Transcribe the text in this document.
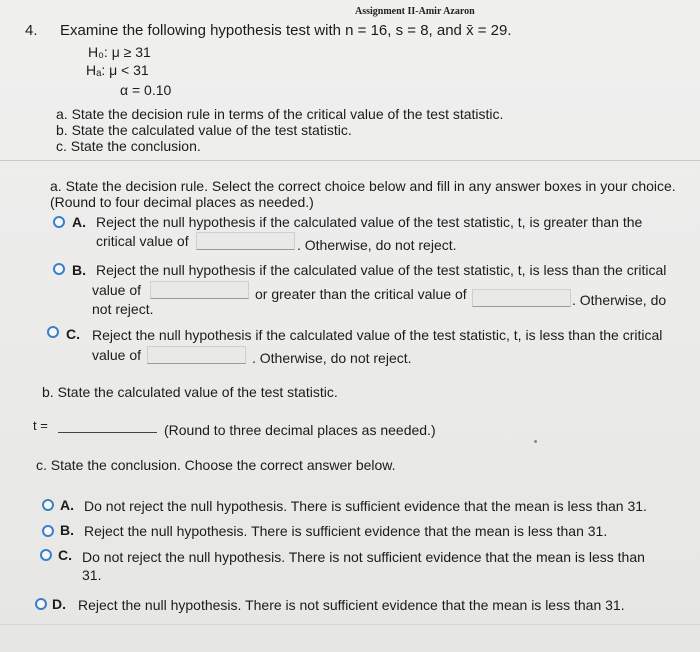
Assignment II-Amir Azaron
4. Examine the following hypothesis test with n = 16, s = 8, and x̄ = 29.
H₀: μ ≥ 31
Hₐ: μ < 31
α = 0.10
a. State the decision rule in terms of the critical value of the test statistic.
b. State the calculated value of the test statistic.
c. State the conclusion.
a. State the decision rule. Select the correct choice below and fill in any answer boxes in your choice.
(Round to four decimal places as needed.)
A. Reject the null hypothesis if the calculated value of the test statistic, t, is greater than the
critical value of	. Otherwise, do not reject.
B. Reject the null hypothesis if the calculated value of the test statistic, t, is less than the critical
value of	or greater than the critical value of	. Otherwise, do
not reject.
C. Reject the null hypothesis if the calculated value of the test statistic, t, is less than the critical
value of	. Otherwise, do not reject.
b. State the calculated value of the test statistic.
t =	(Round to three decimal places as needed.)
c. State the conclusion. Choose the correct answer below.
A. Do not reject the null hypothesis. There is sufficient evidence that the mean is less than 31.
B. Reject the null hypothesis. There is sufficient evidence that the mean is less than 31.
C. Do not reject the null hypothesis. There is not sufficient evidence that the mean is less than
31.
D. Reject the null hypothesis. There is not sufficient evidence that the mean is less than 31.
